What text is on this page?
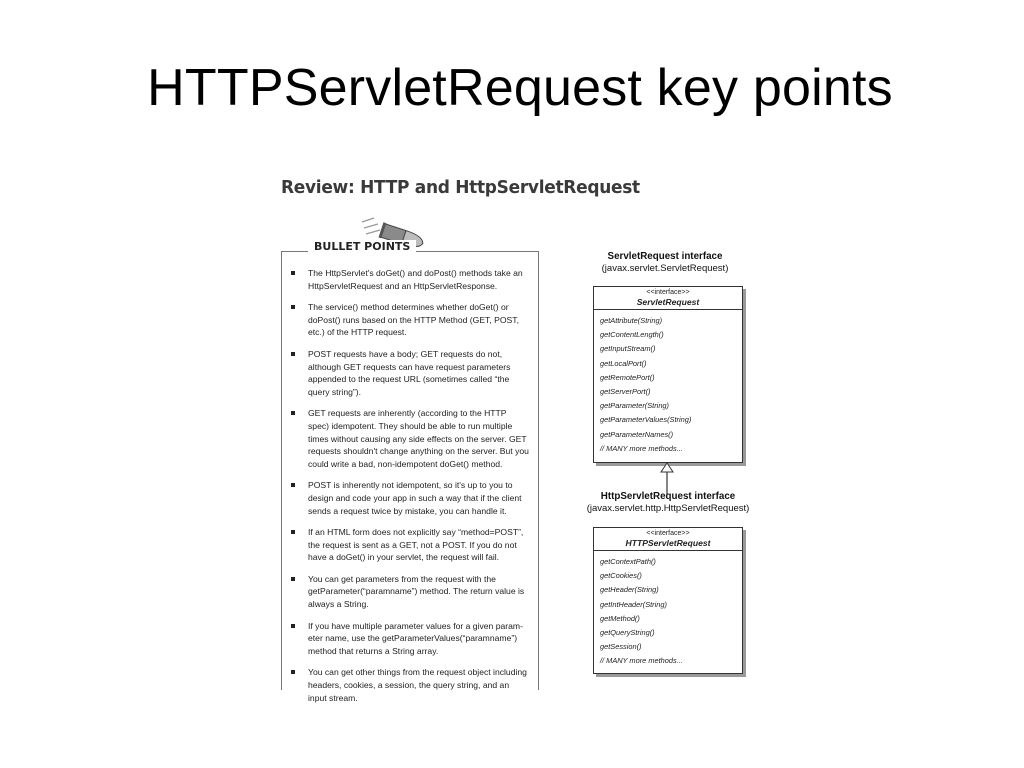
HTTPServletRequest key points
Review: HTTP and HttpServletRequest
BULLET POINTS
The HttpServlet's doGet() and doPost() methods take an HttpServletRequest and an HttpServletResponse.
The service() method determines whether doGet() or doPost() runs based on the HTTP Method (GET, POST, etc.) of the HTTP request.
POST requests have a body; GET requests do not, although GET requests can have request parameters appended to the request URL (sometimes called “the query string”).
GET requests are inherently (according to the HTTP spec) idempotent. They should be able to run multiple times without causing any side effects on the server. GET requests shouldn't change anything on the server. But you could write a bad, non-idempotent doGet() method.
POST is inherently not idempotent, so it's up to you to design and code your app in such a way that if the client sends a request twice by mistake, you can handle it.
If an HTML form does not explicitly say “method=POST”, the request is sent as a GET, not a POST. If you do not have a doGet() in your servlet, the request will fail.
You can get parameters from the request with the getParameter(“paramname”) method. The return value is always a String.
If you have multiple parameter values for a given param-eter name, use the getParameterValues(“paramname”) method that returns a String array.
You can get other things from the request object including headers, cookies, a session, the query string, and an input stream.
ServletRequest interface
(javax.servlet.ServletRequest)
<<interface>>
ServletRequest
getAttribute(String)
getContentLength()
getInputStream()
getLocalPort()
getRemotePort()
getServerPort()
getParameter(String)
getParameterValues(String)
getParameterNames()
// MANY more methods...
HttpServletRequest interface
(javax.servlet.http.HttpServletRequest)
<<interface>>
HTTPServletRequest
getContextPath()
getCookies()
getHeader(String)
getIntHeader(String)
getMethod()
getQueryString()
getSession()
// MANY more methods...
